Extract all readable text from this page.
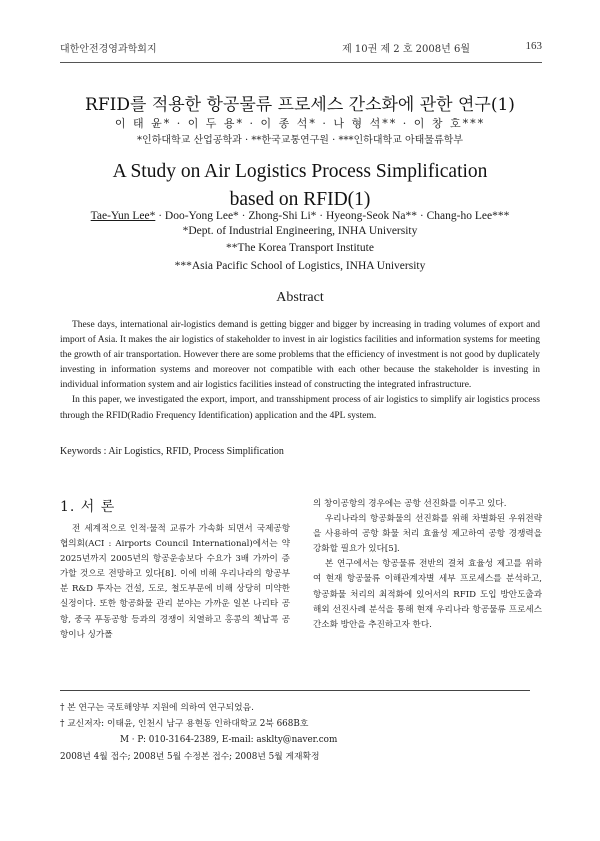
대한안전경영과학회지	제 10권 제 2 호 2008년 6월	163
RFID를 적용한 항공물류 프로세스 간소화에 관한 연구(1)
이 태 윤* · 이 두 용* · 이 종 석* · 나 형 석** · 이 창 호***
*인하대학교 산업공학과 · **한국교통연구원 · ***인하대학교 아태물류학부
A Study on Air Logistics Process Simplification
based on RFID(1)
Tae-Yun Lee* · Doo-Yong Lee* · Zhong-Shi Li* · Hyeong-Seok Na** · Chang-ho Lee***
*Dept. of Industrial Engineering, INHA University
**The Korea Transport Institute
***Asia Pacific School of Logistics, INHA University
Abstract

These days, international air-logistics demand is getting bigger and bigger by increasing in trading volumes of export and import of Asia. It makes the air logistics of stakeholder to invest in air logistics facilities and information systems for meeting the growth of air transportation. However there are some problems that the efficiency of investment is not good by duplicately investing in information systems and moreover not compatible with each other because the stakeholder is investing in individual information system and air logistics facilities instead of constructing the integrated infrastructure.

In this paper, we investigated the export, import, and transshipment process of air logistics to simplify air logistics process through the RFID(Radio Frequency Identification) application and the 4PL system.

Keywords : Air Logistics, RFID, Process Simplification
1. 서 론

전 세계적으로 인적·물적 교류가 가속화 되면서 국제공항협의회(ACI : Airports Council International)에서는 약 2025년까지 2005년의 항공운송보다 수요가 3배 가까이 증가할 것으로 전망하고 있다[8]. 이에 비해 우리나라의 항공부분 R&D 투자는 건설, 도로, 철도부문에 비해 상당히 미약한 실정이다. 또한 항공화물 관리 분야는 가까운 일본 나리타 공항, 중국 푸동공항 등과의 경쟁이 치열하고 홍콩의 첵납콕 공항이나 싱가폴

의 창이공항의 경우에는 공항 선진화를 이루고 있다.

우리나라의 항공화물의 선진화를 위해 차별화된 우위전략을 사용하여 공항 화물 처리 효율성 제고하여 공항 경쟁력을 강화할 필요가 있다[5].

본 연구에서는 항공물류 전반의 결쳐 효율성 제고를 위하여 현재 항공물류 이해관계자별 세부 프로세스를 분석하고, 항공화물 처리의 최적화에 있어서의 RFID 도입 방안도출과 해외 선진사례 분석을 통해 현재 우리나라 항공물류 프로세스 간소화 방안을 추진하고자 한다.

† 본 연구는 국토해양부 지원에 의하여 연구되었음.
† 교신저자: 이태윤, 인천시 남구 용현동 인하대학교 2북 668B호
M · P: 010-3164-2389, E-mail: asklty@naver.com
2008년 4월 접수; 2008년 5월 수정본 접수; 2008년 5월 게재확정
